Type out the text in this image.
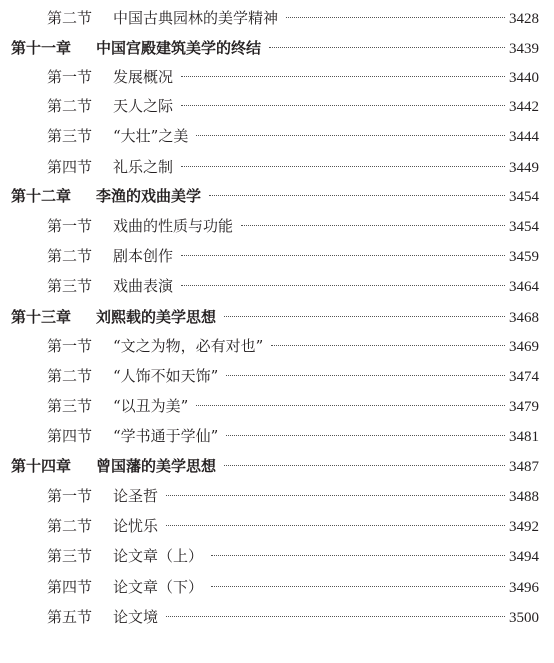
第二节	中国古典园林的美学精神	3428
第十一章	中国宫殿建筑美学的终结	3439
第一节	发展概况	3440
第二节	天人之际	3442
第三节	“大壮”之美	3444
第四节	礼乐之制	3449
第十二章	李渔的戏曲美学	3454
第一节	戏曲的性质与功能	3454
第二节	剧本创作	3459
第三节	戏曲表演	3464
第十三章	刘熙载的美学思想	3468
第一节	“文之为物，必有对也”	3469
第二节	“人饰不如天饰”	3474
第三节	“以丑为美”	3479
第四节	“学书通于学仙”	3481
第十四章	曾国藩的美学思想	3487
第一节	论圣哲	3488
第二节	论忧乐	3492
第三节	论文章（上）	3494
第四节	论文章（下）	3496
第五节	论文境	3500
